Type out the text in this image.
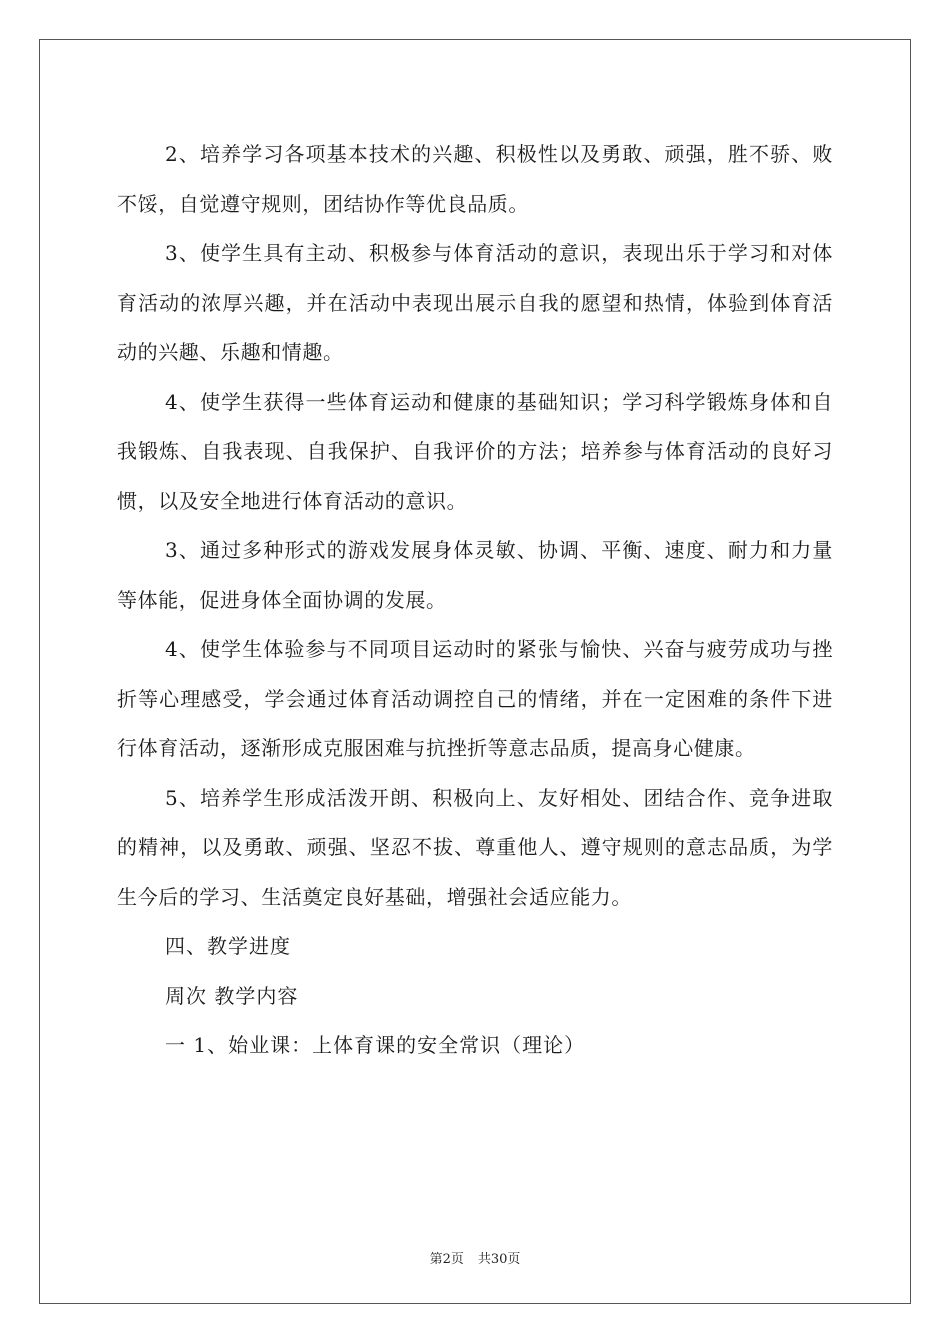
2、培养学习各项基本技术的兴趣、积极性以及勇敢、顽强，胜不骄、败不馁，自觉遵守规则，团结协作等优良品质。

3、使学生具有主动、积极参与体育活动的意识，表现出乐于学习和对体育活动的浓厚兴趣，并在活动中表现出展示自我的愿望和热情，体验到体育活动的兴趣、乐趣和情趣。

4、使学生获得一些体育运动和健康的基础知识；学习科学锻炼身体和自我锻炼、自我表现、自我保护、自我评价的方法；培养参与体育活动的良好习惯，以及安全地进行体育活动的意识。

3、通过多种形式的游戏发展身体灵敏、协调、平衡、速度、耐力和力量等体能，促进身体全面协调的发展。

4、使学生体验参与不同项目运动时的紧张与愉快、兴奋与疲劳成功与挫折等心理感受，学会通过体育活动调控自己的情绪，并在一定困难的条件下进行体育活动，逐渐形成克服困难与抗挫折等意志品质，提高身心健康。

5、培养学生形成活泼开朗、积极向上、友好相处、团结合作、竞争进取的精神，以及勇敢、顽强、坚忍不拔、尊重他人、遵守规则的意志品质，为学生今后的学习、生活奠定良好基础，增强社会适应能力。

四、教学进度

周次 教学内容

一 1、始业课：上体育课的安全常识（理论）

第2页 共30页
